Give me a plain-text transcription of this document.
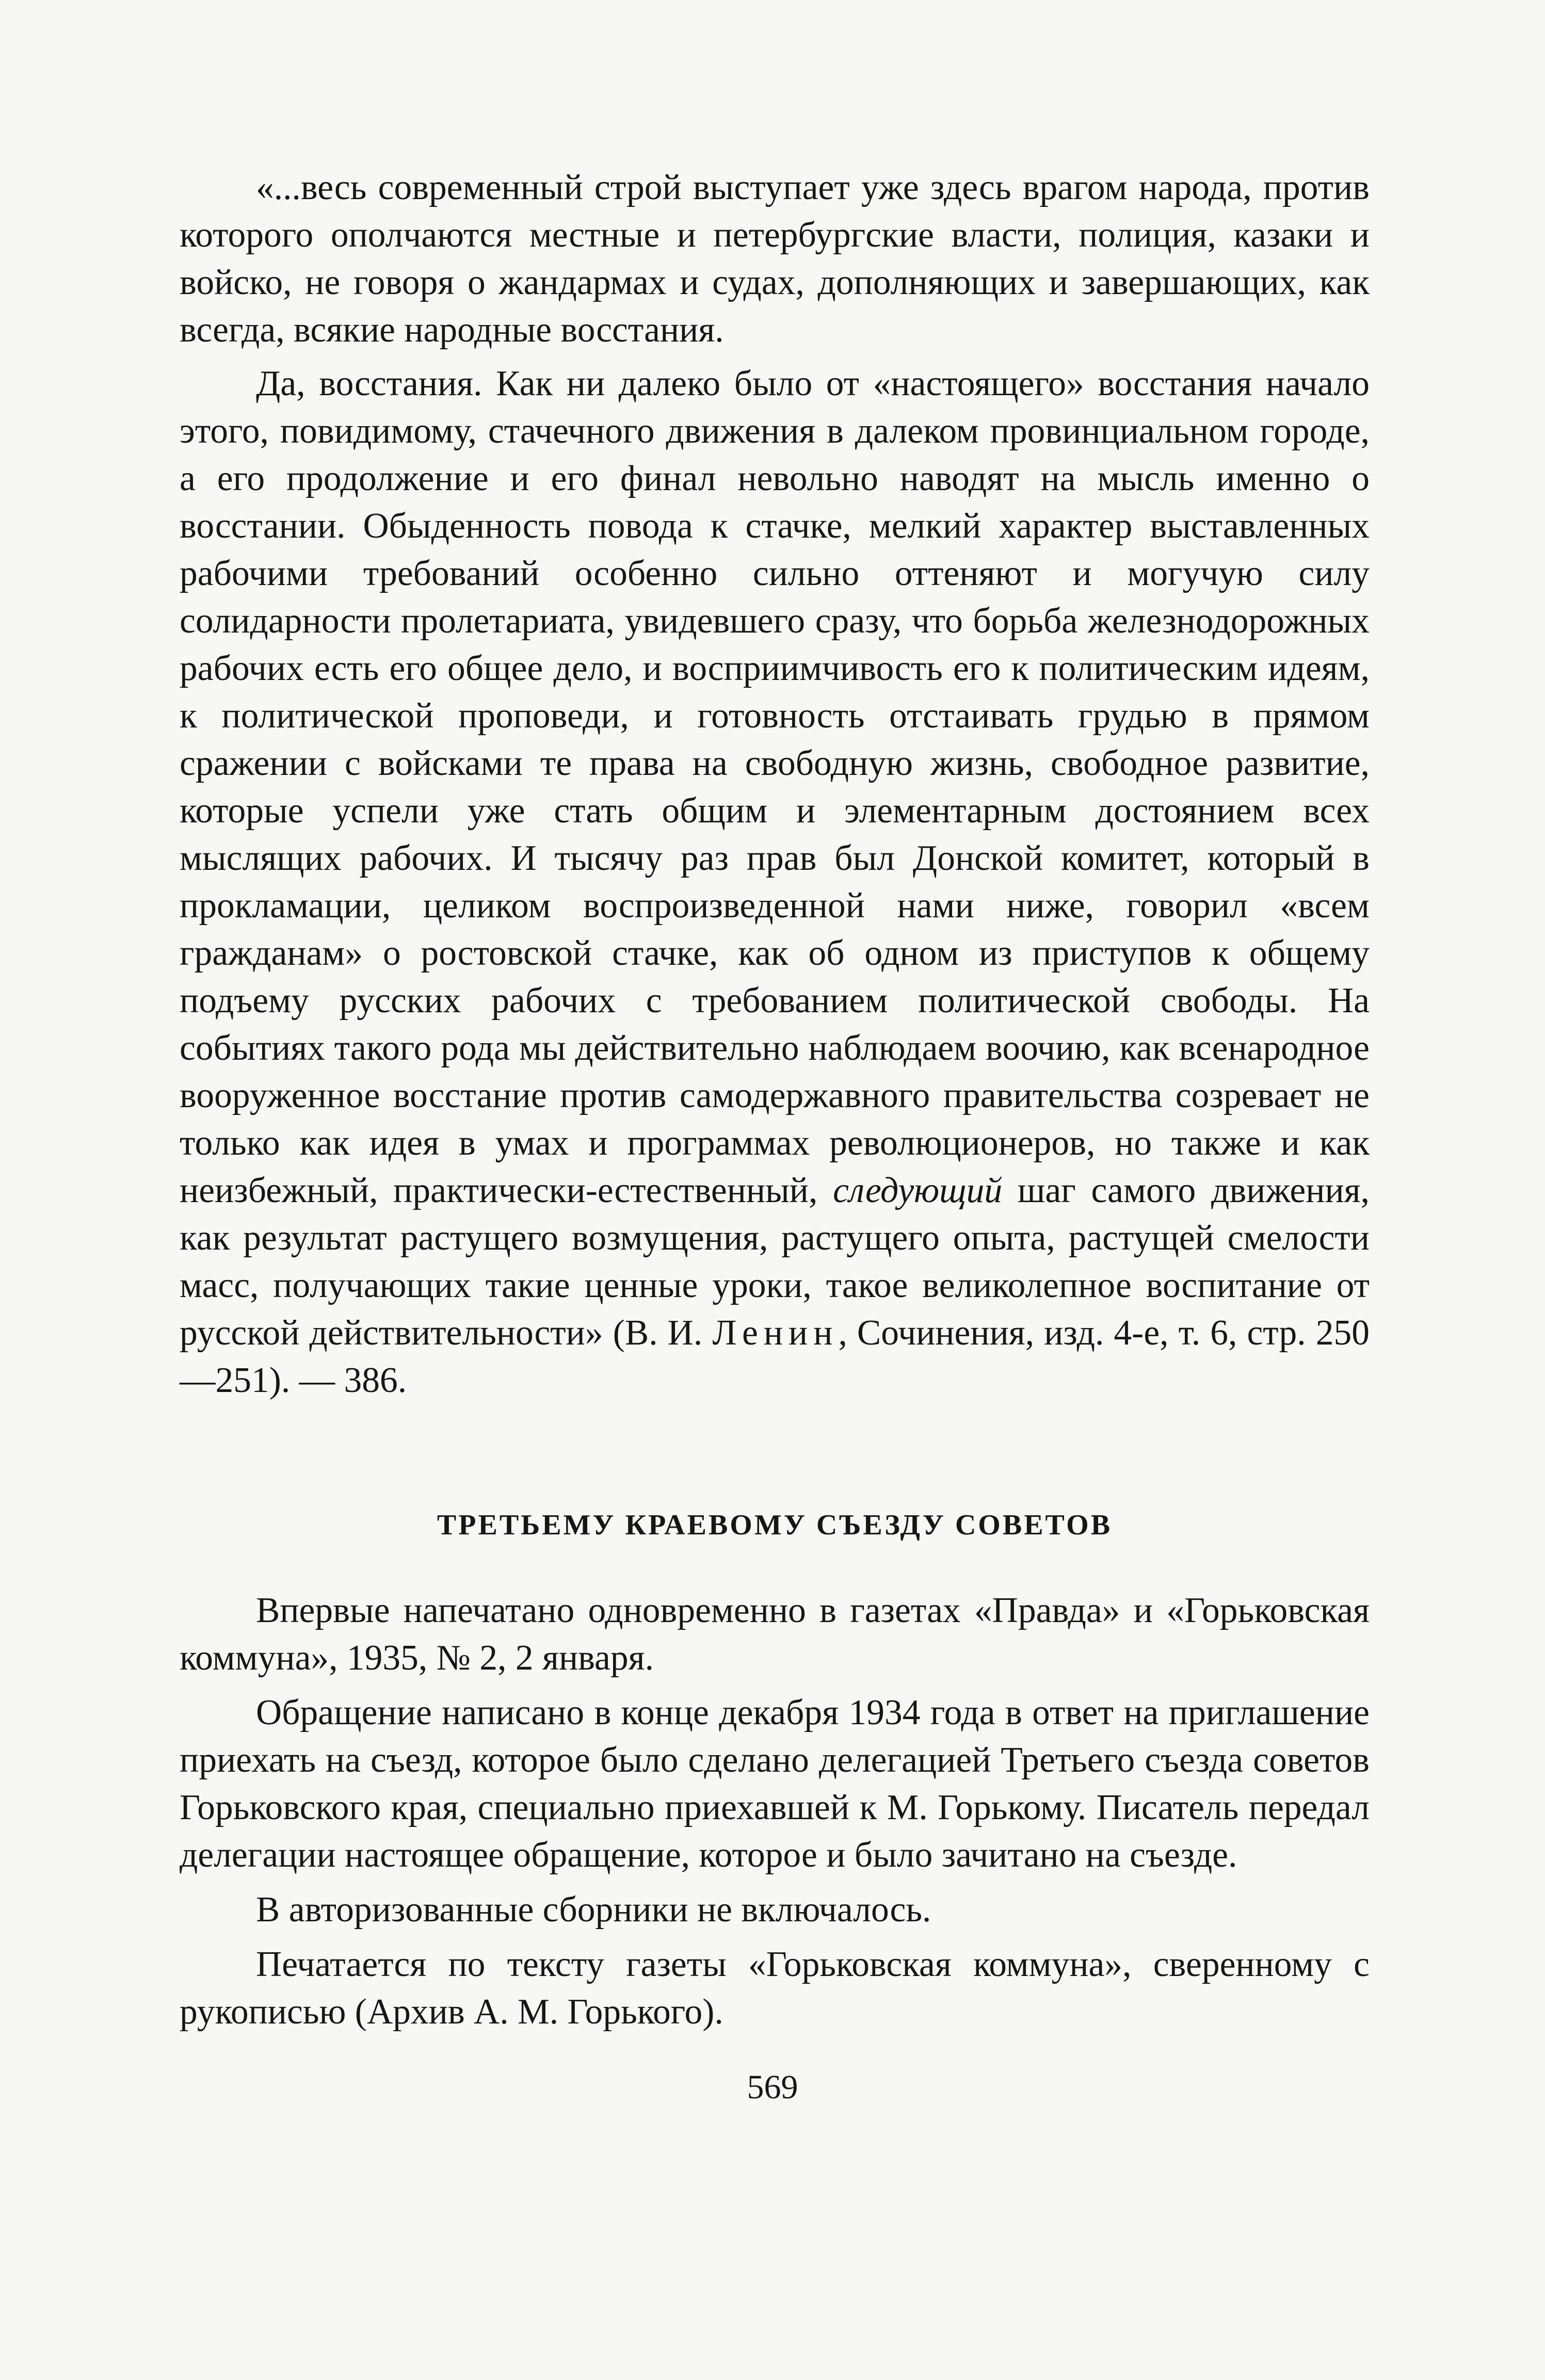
«...весь современный строй выступает уже здесь врагом народа, против которого ополчаются местные и петербургские власти, полиция, казаки и войско, не говоря о жандармах и судах, дополняющих и завершающих, как всегда, всякие народные восстания.

Да, восстания. Как ни далеко было от «настоящего» восстания начало этого, повидимому, стачечного движения в далеком провинциальном городе, а его продолжение и его финал невольно наводят на мысль именно о восстании. Обыденность повода к стачке, мелкий характер выставленных рабочими требований особенно сильно оттеняют и могучую силу солидарности пролетариата, увидевшего сразу, что борьба железнодорожных рабочих есть его общее дело, и восприимчивость его к политическим идеям, к политической проповеди, и готовность отстаивать грудью в прямом сражении с войсками те права на свободную жизнь, свободное развитие, которые успели уже стать общим и элементарным достоянием всех мыслящих рабочих. И тысячу раз прав был Донской комитет, который в прокламации, целиком воспроизведенной нами ниже, говорил «всем гражданам» о ростовской стачке, как об одном из приступов к общему подъему русских рабочих с требованием политической свободы. На событиях такого рода мы действительно наблюдаем воочию, как всенародное вооруженное восстание против самодержавного правительства созревает не только как идея в умах и программах революционеров, но также и как неизбежный, практически-естественный, следующий шаг самого движения, как результат растущего возмущения, растущего опыта, растущей смелости масс, получающих такие ценные уроки, такое великолепное воспитание от русской действительности» (В. И. Ленин, Сочинения, изд. 4-е, т. 6, стр. 250—251). — 386.

ТРЕТЬЕМУ КРАЕВОМУ СЪЕЗДУ СОВЕТОВ

Впервые напечатано одновременно в газетах «Правда» и «Горьковская коммуна», 1935, № 2, 2 января.

Обращение написано в конце декабря 1934 года в ответ на приглашение приехать на съезд, которое было сделано делегацией Третьего съезда советов Горьковского края, специально приехавшей к М. Горькому. Писатель передал делегации настоящее обращение, которое и было зачитано на съезде.

В авторизованные сборники не включалось.

Печатается по тексту газеты «Горьковская коммуна», сверенному с рукописью (Архив А. М. Горького).

569
